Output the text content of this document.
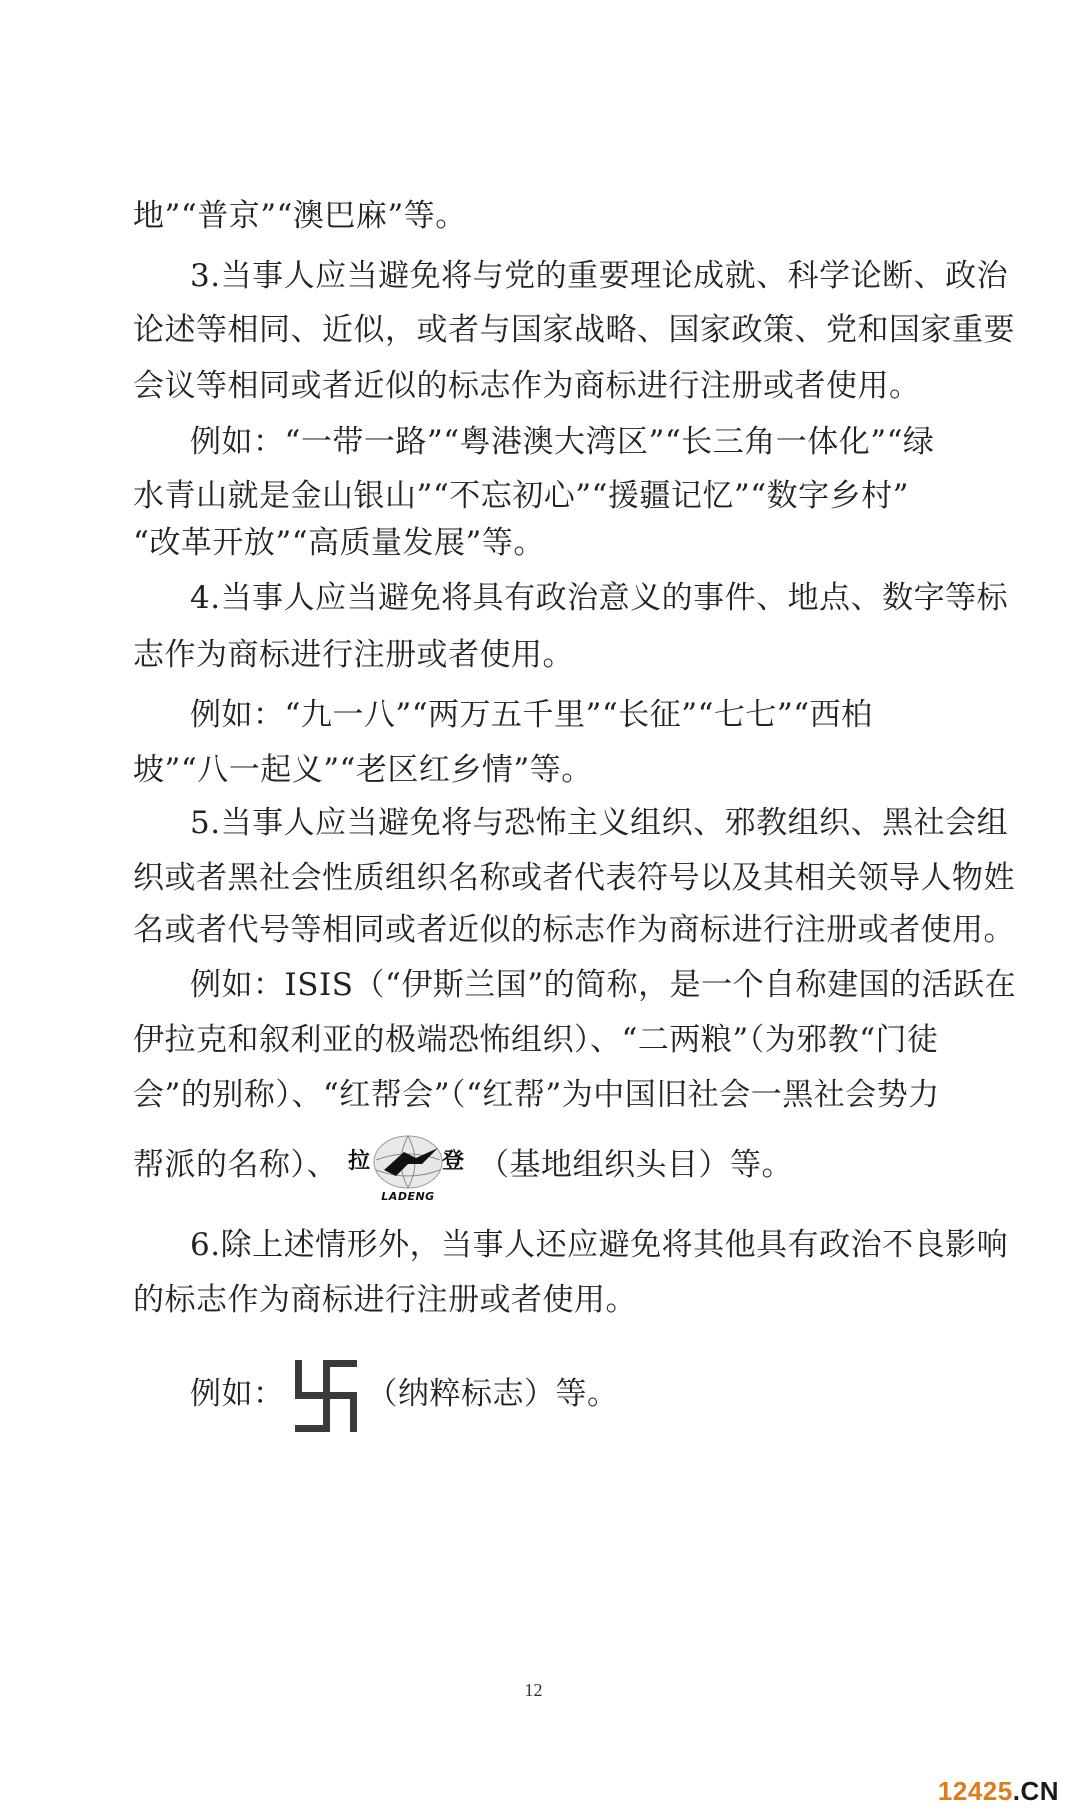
地”“普京”“澳巴麻”等。
3.当事人应当避免将与党的重要理论成就、科学论断、政治
论述等相同、近似，或者与国家战略、国家政策、党和国家重要
会议等相同或者近似的标志作为商标进行注册或者使用。
例如：“一带一路”“粤港澳大湾区”“长三角一体化”“绿
水青山就是金山银山”“不忘初心”“援疆记忆”“数字乡村”
“改革开放”“高质量发展”等。
4.当事人应当避免将具有政治意义的事件、地点、数字等标
志作为商标进行注册或者使用。
例如：“九一八”“两万五千里”“长征”“七七”“西柏
坡”“八一起义”“老区红乡情”等。
5.当事人应当避免将与恐怖主义组织、邪教组织、黑社会组
织或者黑社会性质组织名称或者代表符号以及其相关领导人物姓
名或者代号等相同或者近似的标志作为商标进行注册或者使用。
例如：ISIS（“伊斯兰国”的简称，是一个自称建国的活跃在
伊拉克和叙利亚的极端恐怖组织）、“二两粮”（为邪教“门徒
会”的别称）、“红帮会”（“红帮”为中国旧社会一黑社会势力
帮派的名称）、 拉	登
LADENG
（基地组织头目）等。
6.除上述情形外，当事人还应避免将其他具有政治不良影响
的标志作为商标进行注册或者使用。
例如：	（纳粹标志）等。
12
12425.CN
